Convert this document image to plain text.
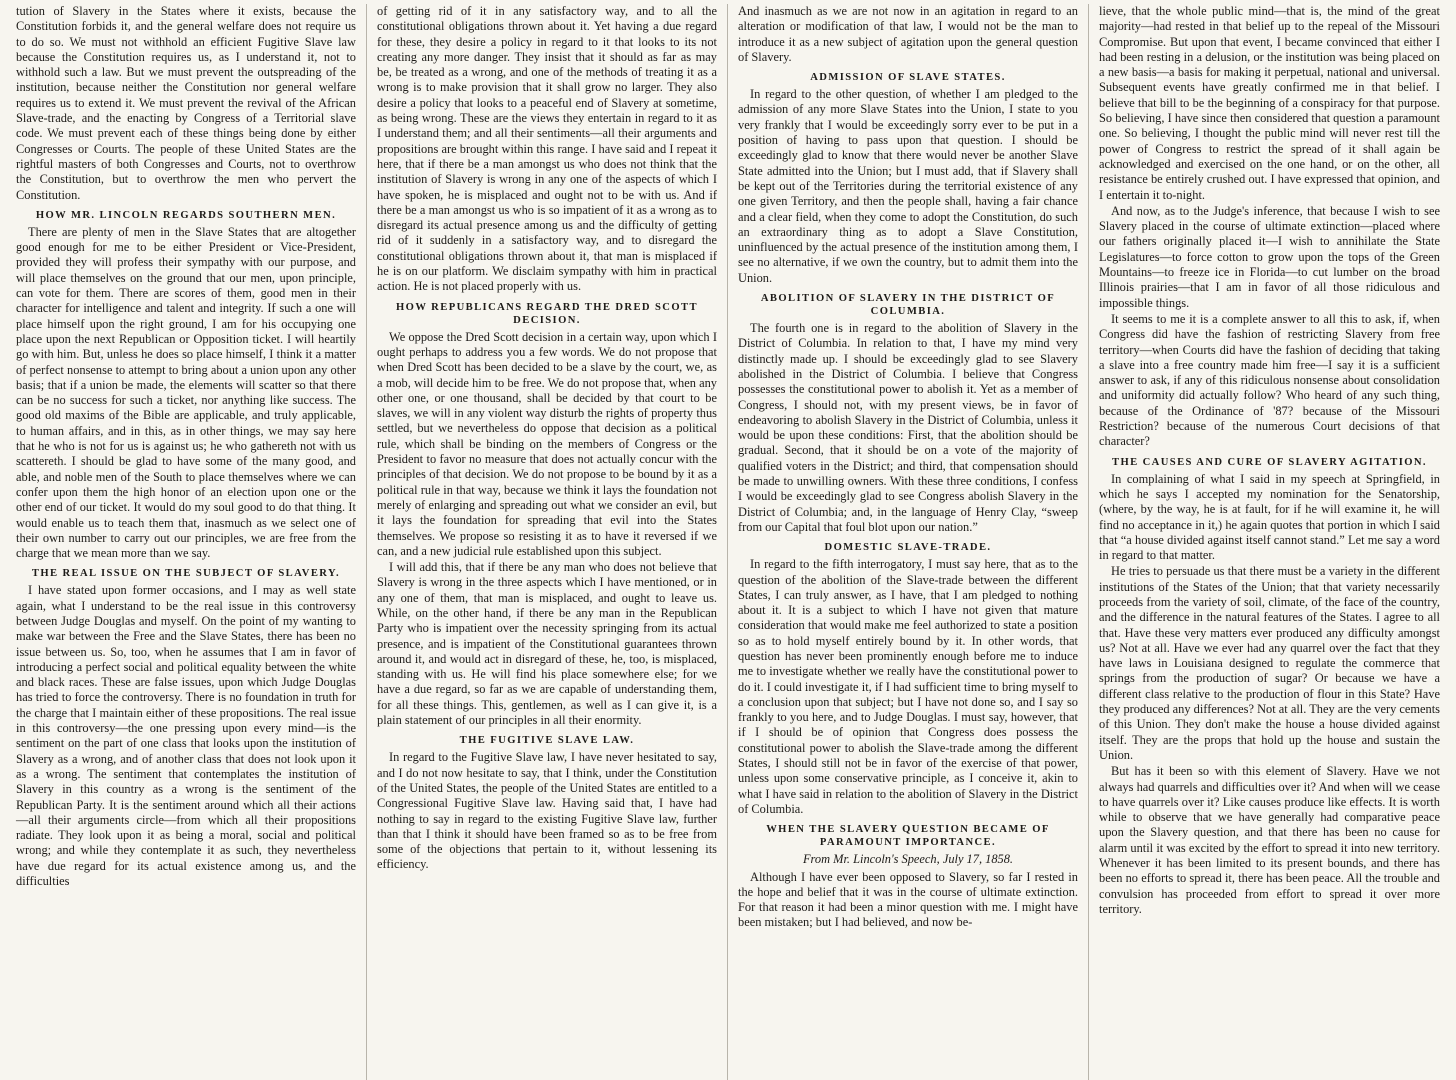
tution of Slavery in the States where it exists, because the Constitution forbids it, and the general welfare does not require us to do so. We must not withhold an efficient Fugitive Slave law because the Constitution requires us, as I understand it, not to withhold such a law. But we must prevent the outspreading of the institution, because neither the Constitution nor general welfare requires us to extend it. We must prevent the revival of the African Slave-trade, and the enacting by Congress of a Territorial slave code. We must prevent each of these things being done by either Congresses or Courts. The people of these United States are the rightful masters of both Congresses and Courts, not to overthrow the Constitution, but to overthrow the men who pervert the Constitution.

HOW MR. LINCOLN REGARDS SOUTHERN MEN.

There are plenty of men in the Slave States that are altogether good enough for me to be either President or Vice-President, provided they will profess their sympathy with our purpose, and will place themselves on the ground that our men, upon principle, can vote for them. There are scores of them, good men in their character for intelligence and talent and integrity. If such a one will place himself upon the right ground, I am for his occupying one place upon the next Republican or Opposition ticket. I will heartily go with him. But, unless he does so place himself, I think it a matter of perfect nonsense to attempt to bring about a union upon any other basis; that if a union be made, the elements will scatter so that there can be no success for such a ticket, nor anything like success. The good old maxims of the Bible are applicable, and truly applicable, to human affairs, and in this, as in other things, we may say here that he who is not for us is against us; he who gathereth not with us scattereth. I should be glad to have some of the many good, and able, and noble men of the South to place themselves where we can confer upon them the high honor of an election upon one or the other end of our ticket. It would do my soul good to do that thing. It would enable us to teach them that, inasmuch as we select one of their own number to carry out our principles, we are free from the charge that we mean more than we say.

THE REAL ISSUE ON THE SUBJECT OF SLAVERY.

I have stated upon former occasions, and I may as well state again, what I understand to be the real issue in this controversy between Judge Douglas and myself. On the point of my wanting to make war between the Free and the Slave States, there has been no issue between us. So, too, when he assumes that I am in favor of introducing a perfect social and political equality between the white and black races. These are false issues, upon which Judge Douglas has tried to force the controversy. There is no foundation in truth for the charge that I maintain either of these propositions. The real issue in this controversy—the one pressing upon every mind—is the sentiment on the part of one class that looks upon the institution of Slavery as a wrong, and of another class that does not look upon it as a wrong. The sentiment that contemplates the institution of Slavery in this country as a wrong is the sentiment of the Republican Party. It is the sentiment around which all their actions—all their arguments circle—from which all their propositions radiate. They look upon it as being a moral, social and political wrong; and while they contemplate it as such, they nevertheless have due regard for its actual existence among us, and the difficulties

of getting rid of it in any satisfactory way, and to all the constitutional obligations thrown about it. Yet having a due regard for these, they desire a policy in regard to it that looks to its not creating any more danger. They insist that it should as far as may be, be treated as a wrong, and one of the methods of treating it as a wrong is to make provision that it shall grow no larger. They also desire a policy that looks to a peaceful end of Slavery at sometime, as being wrong. These are the views they entertain in regard to it as I understand them; and all their sentiments—all their arguments and propositions are brought within this range. I have said and I repeat it here, that if there be a man amongst us who does not think that the institution of Slavery is wrong in any one of the aspects of which I have spoken, he is misplaced and ought not to be with us. And if there be a man amongst us who is so impatient of it as a wrong as to disregard its actual presence among us and the difficulty of getting rid of it suddenly in a satisfactory way, and to disregard the constitutional obligations thrown about it, that man is misplaced if he is on our platform. We disclaim sympathy with him in practical action. He is not placed properly with us.

HOW REPUBLICANS REGARD THE DRED SCOTT DECISION.

We oppose the Dred Scott decision in a certain way, upon which I ought perhaps to address you a few words. We do not propose that when Dred Scott has been decided to be a slave by the court, we, as a mob, will decide him to be free. We do not propose that, when any other one, or one thousand, shall be decided by that court to be slaves, we will in any violent way disturb the rights of property thus settled, but we nevertheless do oppose that decision as a political rule, which shall be binding on the members of Congress or the President to favor no measure that does not actually concur with the principles of that decision. We do not propose to be bound by it as a political rule in that way, because we think it lays the foundation not merely of enlarging and spreading out what we consider an evil, but it lays the foundation for spreading that evil into the States themselves. We propose so resisting it as to have it reversed if we can, and a new judicial rule established upon this subject.

I will add this, that if there be any man who does not believe that Slavery is wrong in the three aspects which I have mentioned, or in any one of them, that man is misplaced, and ought to leave us. While, on the other hand, if there be any man in the Republican Party who is impatient over the necessity springing from its actual presence, and is impatient of the Constitutional guarantees thrown around it, and would act in disregard of these, he, too, is misplaced, standing with us. He will find his place somewhere else; for we have a due regard, so far as we are capable of understanding them, for all these things. This, gentlemen, as well as I can give it, is a plain statement of our principles in all their enormity.

THE FUGITIVE SLAVE LAW.

In regard to the Fugitive Slave law, I have never hesitated to say, and I do not now hesitate to say, that I think, under the Constitution of the United States, the people of the United States are entitled to a Congressional Fugitive Slave law. Having said that, I have had nothing to say in regard to the existing Fugitive Slave law, further than that I think it should have been framed so as to be free from some of the objections that pertain to it, without lessening its efficiency.

And inasmuch as we are not now in an agitation in regard to an alteration or modification of that law, I would not be the man to introduce it as a new subject of agitation upon the general question of Slavery.

ADMISSION OF SLAVE STATES.

In regard to the other question, of whether I am pledged to the admission of any more Slave States into the Union, I state to you very frankly that I would be exceedingly sorry ever to be put in a position of having to pass upon that question. I should be exceedingly glad to know that there would never be another Slave State admitted into the Union; but I must add, that if Slavery shall be kept out of the Territories during the territorial existence of any one given Territory, and then the people shall, having a fair chance and a clear field, when they come to adopt the Constitution, do such an extraordinary thing as to adopt a Slave Constitution, uninfluenced by the actual presence of the institution among them, I see no alternative, if we own the country, but to admit them into the Union.

ABOLITION OF SLAVERY IN THE DISTRICT OF COLUMBIA.

The fourth one is in regard to the abolition of Slavery in the District of Columbia. In relation to that, I have my mind very distinctly made up. I should be exceedingly glad to see Slavery abolished in the District of Columbia. I believe that Congress possesses the constitutional power to abolish it. Yet as a member of Congress, I should not, with my present views, be in favor of endeavoring to abolish Slavery in the District of Columbia, unless it would be upon these conditions: First, that the abolition should be gradual. Second, that it should be on a vote of the majority of qualified voters in the District; and third, that compensation should be made to unwilling owners. With these three conditions, I confess I would be exceedingly glad to see Congress abolish Slavery in the District of Columbia; and, in the language of Henry Clay, “sweep from our Capital that foul blot upon our nation.”

DOMESTIC SLAVE-TRADE.

In regard to the fifth interrogatory, I must say here, that as to the question of the abolition of the Slave-trade between the different States, I can truly answer, as I have, that I am pledged to nothing about it. It is a subject to which I have not given that mature consideration that would make me feel authorized to state a position so as to hold myself entirely bound by it. In other words, that question has never been prominently enough before me to induce me to investigate whether we really have the constitutional power to do it. I could investigate it, if I had sufficient time to bring myself to a conclusion upon that subject; but I have not done so, and I say so frankly to you here, and to Judge Douglas. I must say, however, that if I should be of opinion that Congress does possess the constitutional power to abolish the Slave-trade among the different States, I should still not be in favor of the exercise of that power, unless upon some conservative principle, as I conceive it, akin to what I have said in relation to the abolition of Slavery in the District of Columbia.

WHEN THE SLAVERY QUESTION BECAME OF PARAMOUNT IMPORTANCE.

From Mr. Lincoln's Speech, July 17, 1858.

Although I have ever been opposed to Slavery, so far I rested in the hope and belief that it was in the course of ultimate extinction. For that reason it had been a minor question with me. I might have been mistaken; but I had believed, and now be-

lieve, that the whole public mind—that is, the mind of the great majority—had rested in that belief up to the repeal of the Missouri Compromise. But upon that event, I became convinced that either I had been resting in a delusion, or the institution was being placed on a new basis—a basis for making it perpetual, national and universal. Subsequent events have greatly confirmed me in that belief. I believe that bill to be the beginning of a conspiracy for that purpose. So believing, I have since then considered that question a paramount one. So believing, I thought the public mind will never rest till the power of Congress to restrict the spread of it shall again be acknowledged and exercised on the one hand, or on the other, all resistance be entirely crushed out. I have expressed that opinion, and I entertain it to-night.

And now, as to the Judge's inference, that because I wish to see Slavery placed in the course of ultimate extinction—placed where our fathers originally placed it—I wish to annihilate the State Legislatures—to force cotton to grow upon the tops of the Green Mountains—to freeze ice in Florida—to cut lumber on the broad Illinois prairies—that I am in favor of all those ridiculous and impossible things.

It seems to me it is a complete answer to all this to ask, if, when Congress did have the fashion of restricting Slavery from free territory—when Courts did have the fashion of deciding that taking a slave into a free country made him free—I say it is a sufficient answer to ask, if any of this ridiculous nonsense about consolidation and uniformity did actually follow? Who heard of any such thing, because of the Ordinance of '87? because of the Missouri Restriction? because of the numerous Court decisions of that character?

THE CAUSES AND CURE OF SLAVERY AGITATION.

In complaining of what I said in my speech at Springfield, in which he says I accepted my nomination for the Senatorship, (where, by the way, he is at fault, for if he will examine it, he will find no acceptance in it,) he again quotes that portion in which I said that “a house divided against itself cannot stand.” Let me say a word in regard to that matter.

He tries to persuade us that there must be a variety in the different institutions of the States of the Union; that that variety necessarily proceeds from the variety of soil, climate, of the face of the country, and the difference in the natural features of the States. I agree to all that. Have these very matters ever produced any difficulty amongst us? Not at all. Have we ever had any quarrel over the fact that they have laws in Louisiana designed to regulate the commerce that springs from the production of sugar? Or because we have a different class relative to the production of flour in this State? Have they produced any differences? Not at all. They are the very cements of this Union. They don't make the house a house divided against itself. They are the props that hold up the house and sustain the Union.

But has it been so with this element of Slavery. Have we not always had quarrels and difficulties over it? And when will we cease to have quarrels over it? Like causes produce like effects. It is worth while to observe that we have generally had comparative peace upon the Slavery question, and that there has been no cause for alarm until it was excited by the effort to spread it into new territory. Whenever it has been limited to its present bounds, and there has been no efforts to spread it, there has been peace. All the trouble and convulsion has proceeded from effort to spread it over more territory.
